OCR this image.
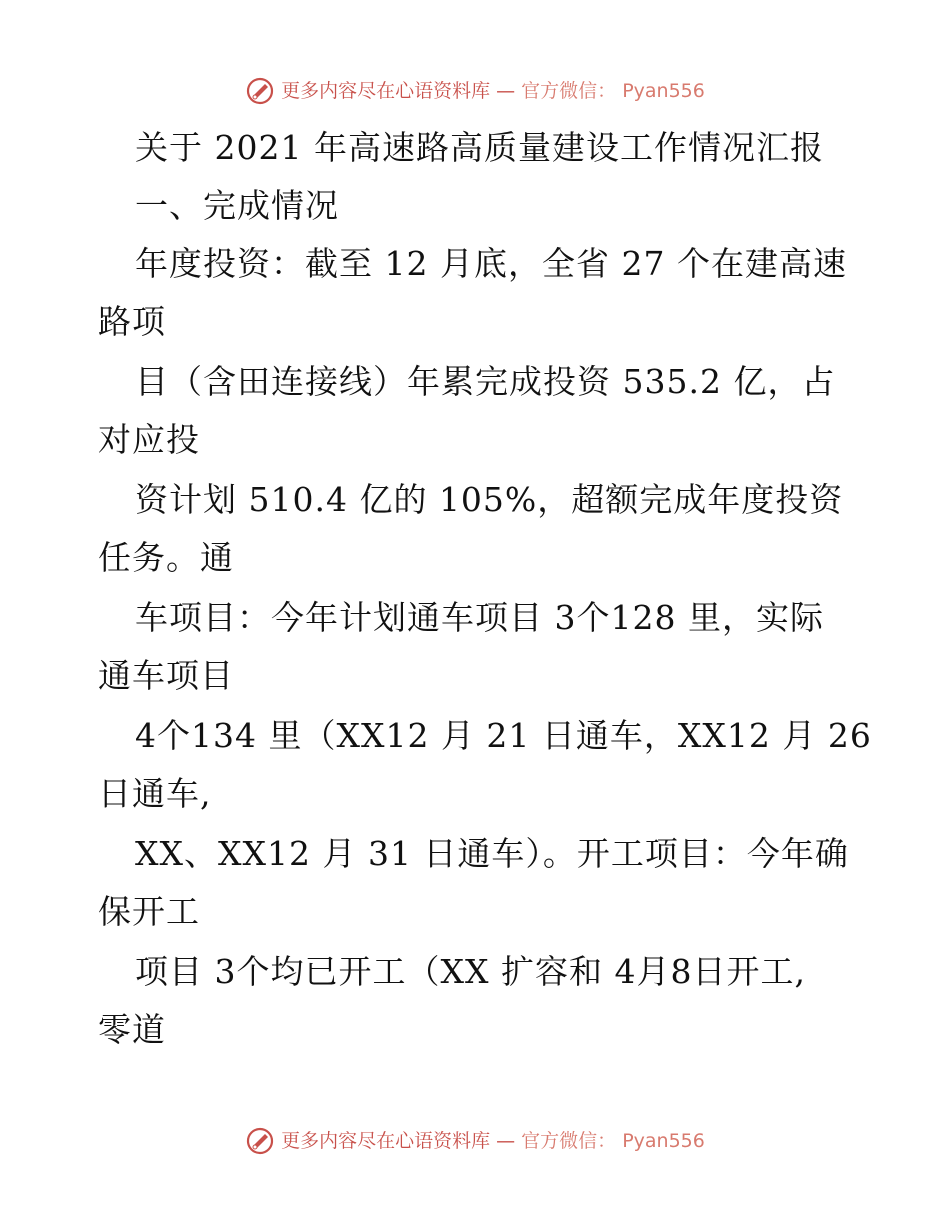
更多内容尽在心语资料库 — 官方微信： Pyan556
关于 2021 年高速路高质量建设工作情况汇报
一、完成情况
年度投资：截至 12 月底，全省 27 个在建高速
路项
目（含田连接线）年累完成投资 535.2 亿，占
对应投
资计划 510.4 亿的 105%，超额完成年度投资
任务。通
车项目：今年计划通车项目 3个128 里，实际
通车项目
4个134 里（XX12 月 21 日通车，XX12 月 26
日通车,
XX、XX12 月 31 日通车）。开工项目：今年确
保开工
项目 3个均已开工（XX 扩容和 4月8日开工,
零道
更多内容尽在心语资料库 — 官方微信： Pyan556
